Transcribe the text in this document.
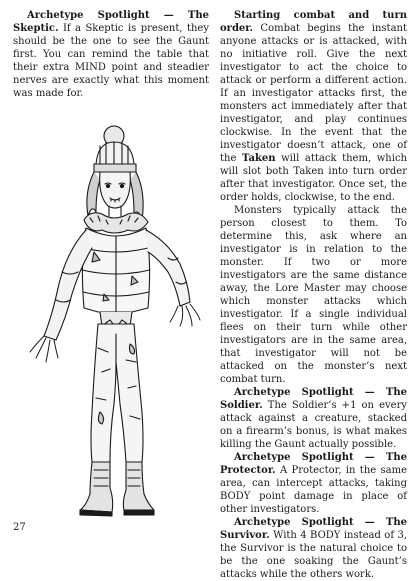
Archetype Spotlight — The Skeptic. If a Skeptic is present, they should be the one to see the Gaunt first. You can remind the table that their extra MIND point and steadier nerves are exactly what this moment was made for.

Starting combat and turn order. Combat begins the instant anyone attacks or is attacked, with no initiative roll. Give the next investigator to act the choice to attack or perform a different action. If an investigator attacks first, the monsters act immediately after that investigator, and play continues clockwise. In the event that the investigator doesn’t attack, one of the Taken will attack them, which will slot both Taken into turn order after that investigator. Once set, the order holds, clockwise, to the end.

Monsters typically attack the person closest to them. To determine this, ask where an investigator is in relation to the monster. If two or more investigators are the same distance away, the Lore Master may choose which monster attacks which investigator. If a single individual flees on their turn while other investigators are in the same area, that investigator will not be attacked on the monster’s next combat turn.

Archetype Spotlight — The Soldier. The Soldier’s +1 on every attack against a creature, stacked on a firearm’s bonus, is what makes killing the Gaunt actually possible.

Archetype Spotlight — The Protector. A Protector, in the same area, can intercept attacks, taking BODY point damage in place of other investigators.

Archetype Spotlight — The Survivor. With 4 BODY instead of 3, the Survivor is the natural choice to be the one soaking the Gaunt’s attacks while the others work.

27
